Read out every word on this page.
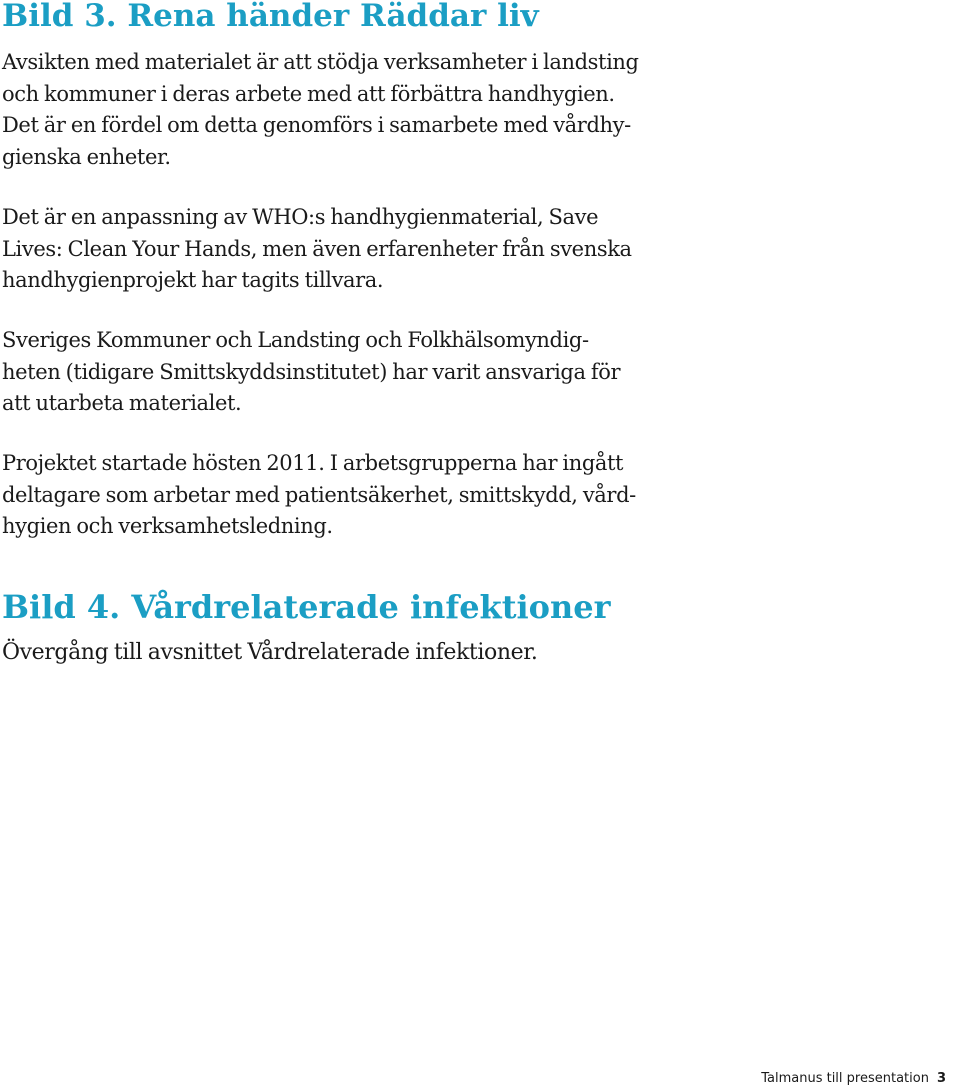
Bild 3. Rena händer Räddar liv

Avsikten med materialet är att stödja verksamheter i landsting
och kommuner i deras arbete med att förbättra handhygien.
Det är en fördel om detta genomförs i samarbete med vårdhy-
gienska enheter.

Det är en anpassning av WHO:s handhygienmaterial, Save
Lives: Clean Your Hands, men även erfarenheter från svenska
handhygienprojekt har tagits tillvara.

Sveriges Kommuner och Landsting och Folkhälsomyndig-
heten (tidigare Smittskyddsinstitutet) har varit ansvariga för
att utarbeta materialet.

Projektet startade hösten 2011. I arbetsgrupperna har ingått
deltagare som arbetar med patientsäkerhet, smittskydd, vård-
hygien och verksamhetsledning.

Bild 4. Vårdrelaterade infektioner

Övergång till avsnittet Vårdrelaterade infektioner.

Talmanus till presentation 3
